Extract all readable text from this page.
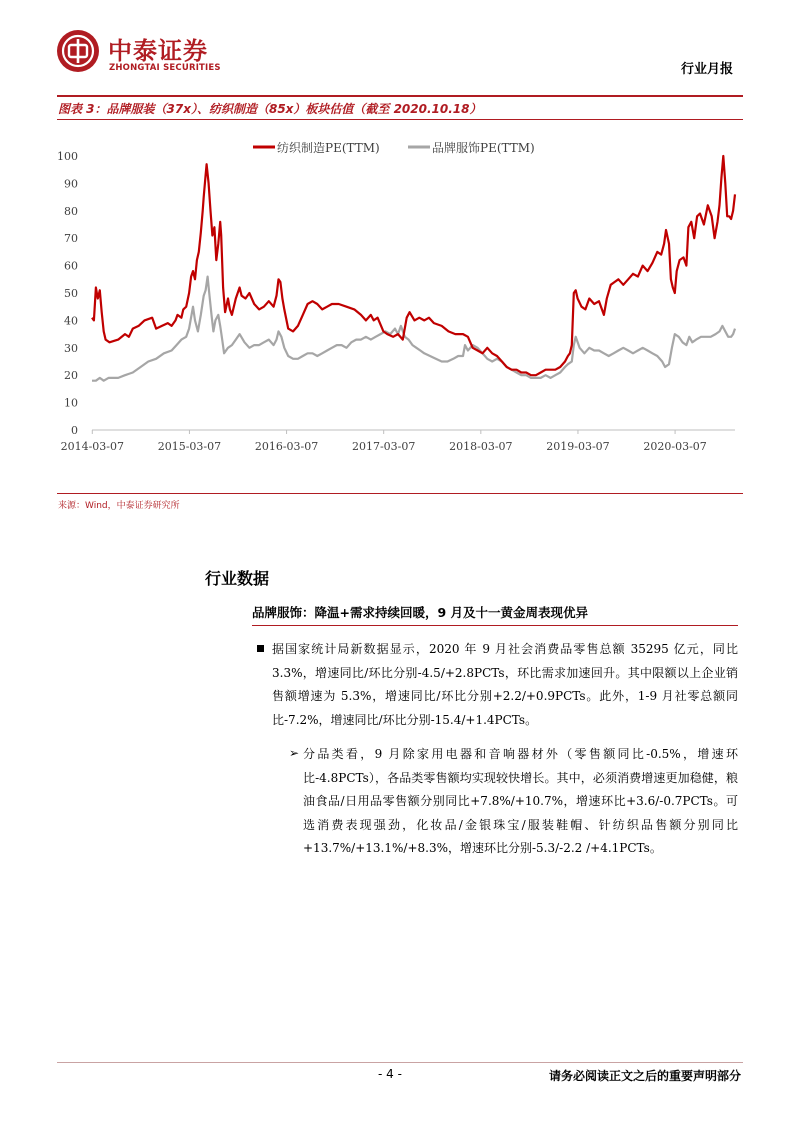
中泰证券
ZHONGTAI SECURITIES	行业月报
图表 3：品牌服装（37x）、纺织制造（85x）板块估值（截至 2020.10.18）
0
10
20
30
40
50
60
70
80
90
100
2014-03-07	2015-03-07	2016-03-07	2017-03-07	2018-03-07	2019-03-07	2020-03-07
纺织制造PE(TTM)	品牌服饰PE(TTM)
来源：Wind，中泰证券研究所
行业数据
品牌服饰：降温+需求持续回暖，9 月及十一黄金周表现优异
据国家统计局新数据显示，2020 年 9 月社会消费品零售总额 35295 亿元，同比 3.3%，增速同比/环比分别-4.5/+2.8PCTs，环比需求加速回升。其中限额以上企业销售额增速为 5.3%，增速同比/环比分别+2.2/+0.9PCTs。此外，1-9 月社零总额同比-7.2%，增速同比/环比分别-15.4/+1.4PCTs。
➢ 分品类看，9 月除家用电器和音响器材外（零售额同比-0.5%，增速环比-4.8PCTs），各品类零售额均实现较快增长。其中，必须消费增速更加稳健，粮油食品/日用品零售额分别同比+7.8%/+10.7%，增速环比+3.6/-0.7PCTs。可选消费表现强劲，化妆品/金银珠宝/服装鞋帽、针纺织品售额分别同比+13.7%/+13.1%/+8.3%，增速环比分别-5.3/-2.2 /+4.1PCTs。
- 4 -	请务必阅读正文之后的重要声明部分
